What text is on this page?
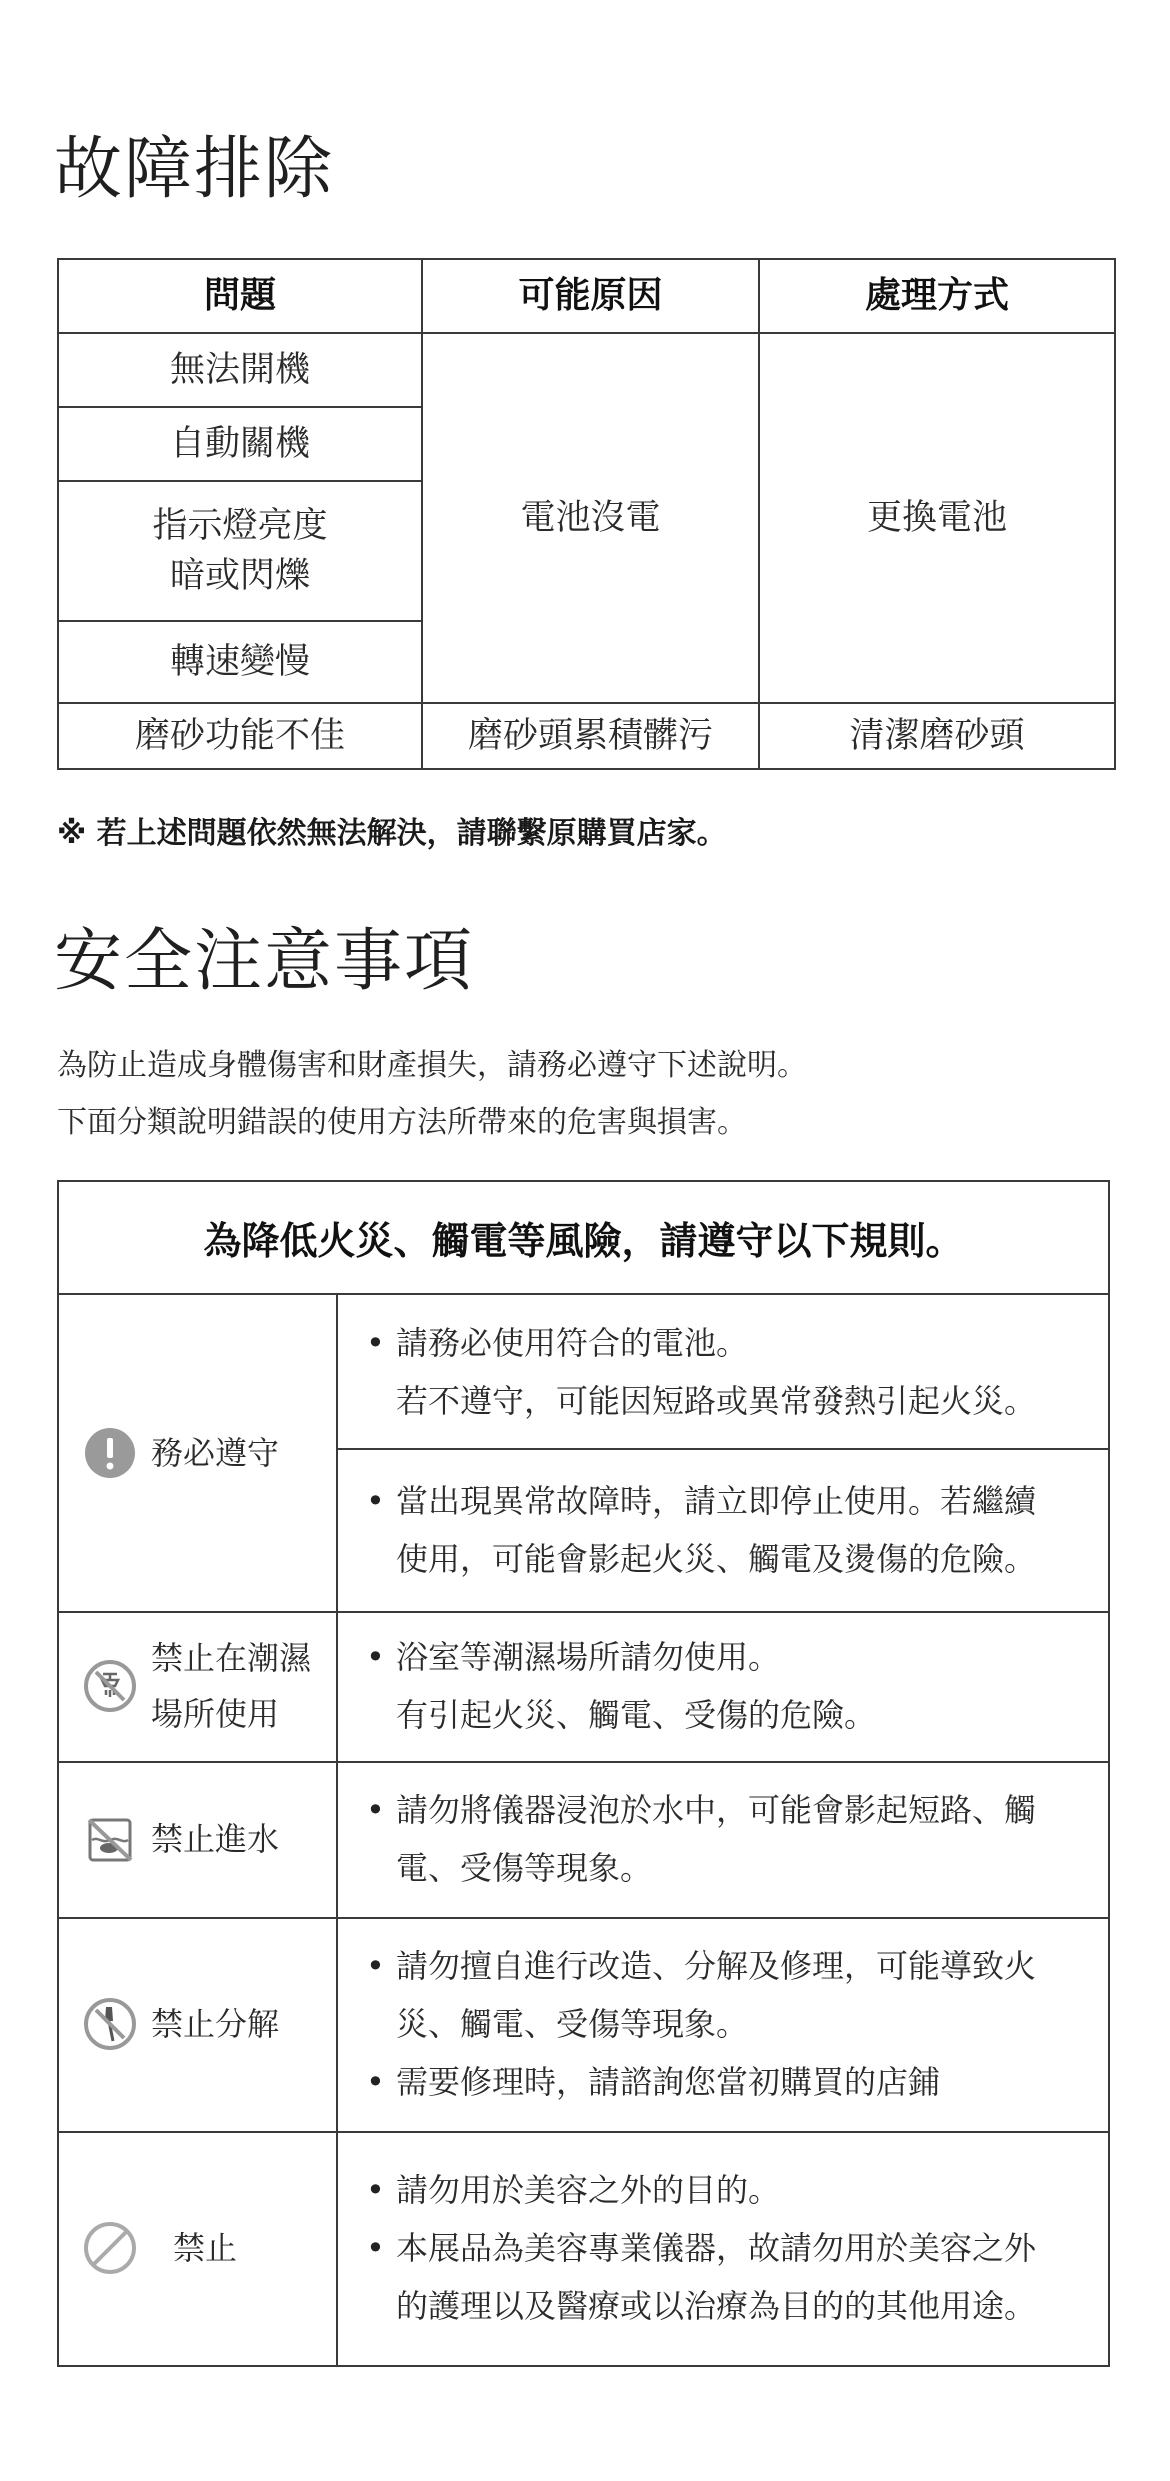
故障排除
問題	可能原因	處理方式
無法開機	電池沒電	更換電池
自動關機		

指示燈亮度
暗或閃爍		

轉速變慢		
磨砂功能不佳	磨砂頭累積髒污	清潔磨砂頭
※ 若上述問題依然無法解決，請聯繫原購買店家。
安全注意事項
為防止造成身體傷害和財產損失，請務必遵守下述說明。
下面分類說明錯誤的使用方法所帶來的危害與損害。
為降低火災、觸電等風險，請遵守以下規則。
務必遵守
• 請務必使用符合的電池。
若不遵守，可能因短路或異常發熱引起火災。
• 當出現異常故障時，請立即停止使用。若繼續
使用，可能會影起火災、觸電及燙傷的危險。
禁止在潮濕
場所使用
• 浴室等潮濕場所請勿使用。
有引起火災、觸電、受傷的危險。
禁止進水
• 請勿將儀器浸泡於水中，可能會影起短路、觸
電、受傷等現象。
禁止分解
• 請勿擅自進行改造、分解及修理，可能導致火
災、觸電、受傷等現象。
• 需要修理時，請諮詢您當初購買的店鋪
禁止
• 請勿用於美容之外的目的。
• 本展品為美容專業儀器，故請勿用於美容之外
的護理以及醫療或以治療為目的的其他用途。
